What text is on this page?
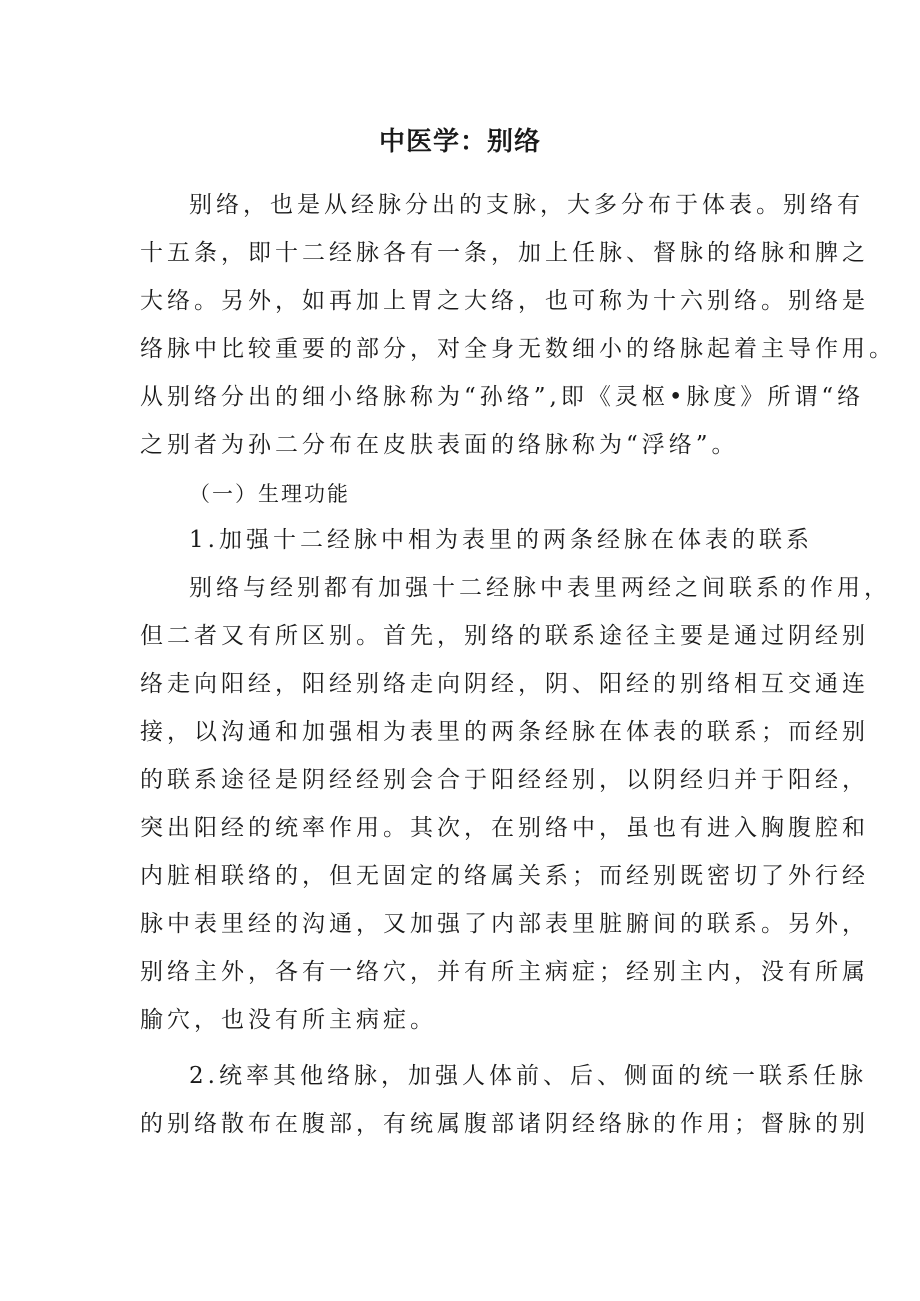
中医学：别络
别络，也是从经脉分出的支脉，大多分布于体表。别络有
十五条，即十二经脉各有一条，加上任脉、督脉的络脉和脾之
大络。另外，如再加上胃之大络，也可称为十六别络。别络是
络脉中比较重要的部分，对全身无数细小的络脉起着主导作用。
从别络分出的细小络脉称为“孙络”,即《灵枢•脉度》所谓“络
之别者为孙二分布在皮肤表面的络脉称为“浮络”。
（一）生理功能
1.加强十二经脉中相为表里的两条经脉在体表的联系
别络与经别都有加强十二经脉中表里两经之间联系的作用，
但二者又有所区别。首先，别络的联系途径主要是通过阴经别
络走向阳经，阳经别络走向阴经，阴、阳经的别络相互交通连
接，以沟通和加强相为表里的两条经脉在体表的联系；而经别
的联系途径是阴经经别会合于阳经经别，以阴经归并于阳经，
突出阳经的统率作用。其次，在别络中，虽也有进入胸腹腔和
内脏相联络的，但无固定的络属关系；而经别既密切了外行经
脉中表里经的沟通，又加强了内部表里脏腑间的联系。另外，
别络主外，各有一络穴，并有所主病症；经别主内，没有所属
腧穴，也没有所主病症。
2.统率其他络脉，加强人体前、后、侧面的统一联系任脉
的别络散布在腹部，有统属腹部诸阴经络脉的作用；督脉的别
